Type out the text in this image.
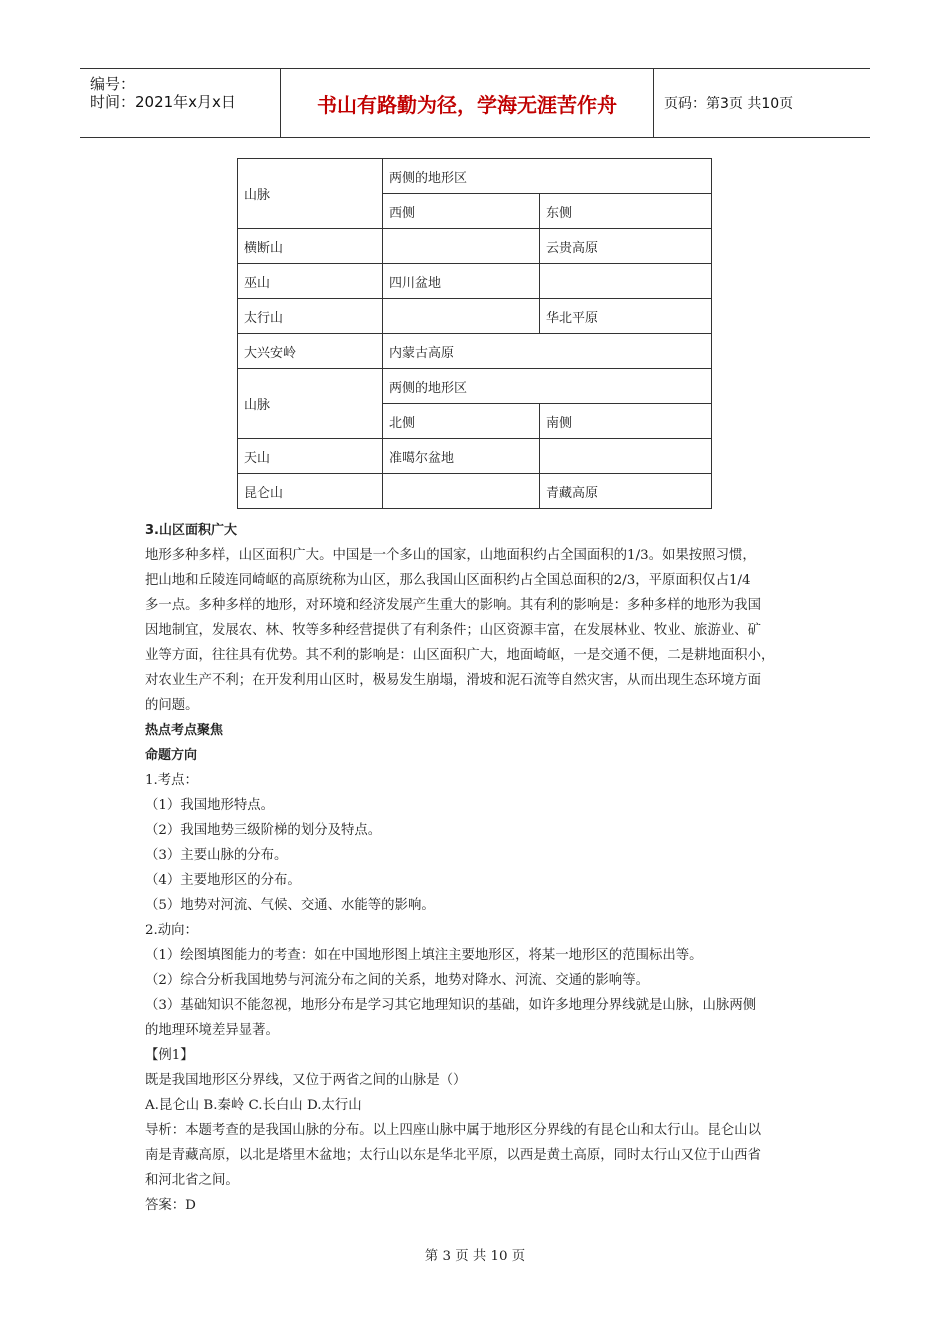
编号：
时间：2021年x月x日	书山有路勤为径，学海无涯苦作舟	页码：第3页 共10页
山脉	两侧的地形区	
	西侧	东侧
横断山		云贵高原
巫山	四川盆地	
太行山		华北平原
大兴安岭	内蒙古高原	
山脉	两侧的地形区	
	北侧	南侧
天山	准噶尔盆地	
昆仑山		青藏高原

3.山区面积广大

地形多种多样，山区面积广大。中国是一个多山的国家，山地面积约占全国面积的1/3。如果按照习惯，

把山地和丘陵连同崎岖的高原统称为山区，那么我国山区面积约占全国总面积的2/3，平原面积仅占1/4

多一点。多种多样的地形，对环境和经济发展产生重大的影响。其有利的影响是：多种多样的地形为我国

因地制宜，发展农、林、牧等多种经营提供了有利条件；山区资源丰富，在发展林业、牧业、旅游业、矿

业等方面，往往具有优势。其不利的影响是：山区面积广大，地面崎岖，一是交通不便，二是耕地面积小，

对农业生产不利；在开发利用山区时，极易发生崩塌，滑坡和泥石流等自然灾害，从而出现生态环境方面

的问题。

热点考点聚焦

命题方向

1.考点：

（1）我国地形特点。

（2）我国地势三级阶梯的划分及特点。

（3）主要山脉的分布。

（4）主要地形区的分布。

（5）地势对河流、气候、交通、水能等的影响。

2.动向：

（1）绘图填图能力的考查：如在中国地形图上填注主要地形区，将某一地形区的范围标出等。

（2）综合分析我国地势与河流分布之间的关系，地势对降水、河流、交通的影响等。

（3）基础知识不能忽视，地形分布是学习其它地理知识的基础，如许多地理分界线就是山脉，山脉两侧

的地理环境差异显著。

【例1】

既是我国地形区分界线，又位于两省之间的山脉是（）

A.昆仑山 B.秦岭 C.长白山 D.太行山

导析：本题考查的是我国山脉的分布。以上四座山脉中属于地形区分界线的有昆仑山和太行山。昆仑山以

南是青藏高原，以北是塔里木盆地；太行山以东是华北平原，以西是黄土高原，同时太行山又位于山西省

和河北省之间。

答案：D

第 3 页 共 10 页
